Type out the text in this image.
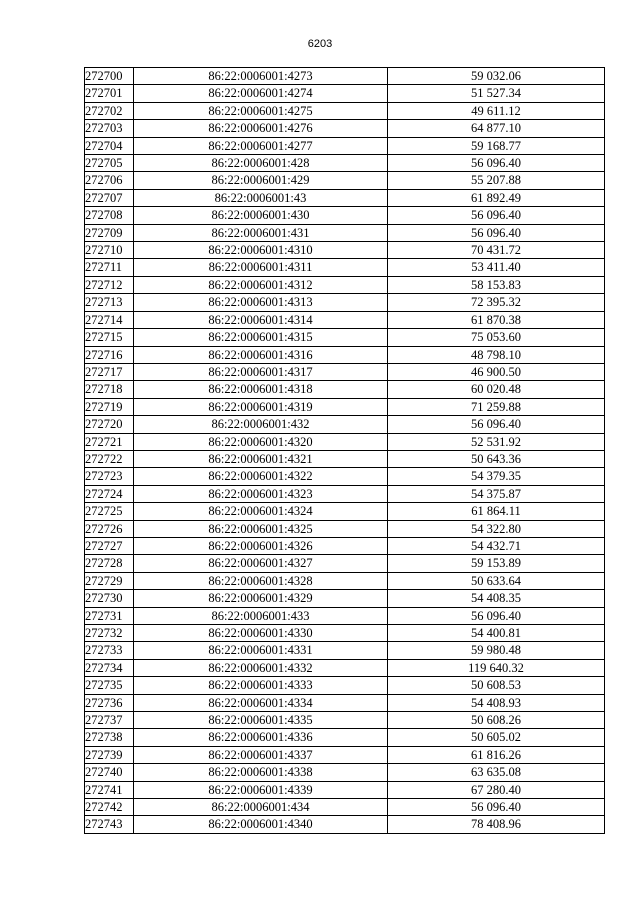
6203
272700	86:22:0006001:4273	59 032.06
272701	86:22:0006001:4274	51 527.34
272702	86:22:0006001:4275	49 611.12
272703	86:22:0006001:4276	64 877.10
272704	86:22:0006001:4277	59 168.77
272705	86:22:0006001:428	56 096.40
272706	86:22:0006001:429	55 207.88
272707	86:22:0006001:43	61 892.49
272708	86:22:0006001:430	56 096.40
272709	86:22:0006001:431	56 096.40
272710	86:22:0006001:4310	70 431.72
272711	86:22:0006001:4311	53 411.40
272712	86:22:0006001:4312	58 153.83
272713	86:22:0006001:4313	72 395.32
272714	86:22:0006001:4314	61 870.38
272715	86:22:0006001:4315	75 053.60
272716	86:22:0006001:4316	48 798.10
272717	86:22:0006001:4317	46 900.50
272718	86:22:0006001:4318	60 020.48
272719	86:22:0006001:4319	71 259.88
272720	86:22:0006001:432	56 096.40
272721	86:22:0006001:4320	52 531.92
272722	86:22:0006001:4321	50 643.36
272723	86:22:0006001:4322	54 379.35
272724	86:22:0006001:4323	54 375.87
272725	86:22:0006001:4324	61 864.11
272726	86:22:0006001:4325	54 322.80
272727	86:22:0006001:4326	54 432.71
272728	86:22:0006001:4327	59 153.89
272729	86:22:0006001:4328	50 633.64
272730	86:22:0006001:4329	54 408.35
272731	86:22:0006001:433	56 096.40
272732	86:22:0006001:4330	54 400.81
272733	86:22:0006001:4331	59 980.48
272734	86:22:0006001:4332	119 640.32
272735	86:22:0006001:4333	50 608.53
272736	86:22:0006001:4334	54 408.93
272737	86:22:0006001:4335	50 608.26
272738	86:22:0006001:4336	50 605.02
272739	86:22:0006001:4337	61 816.26
272740	86:22:0006001:4338	63 635.08
272741	86:22:0006001:4339	67 280.40
272742	86:22:0006001:434	56 096.40
272743	86:22:0006001:4340	78 408.96
